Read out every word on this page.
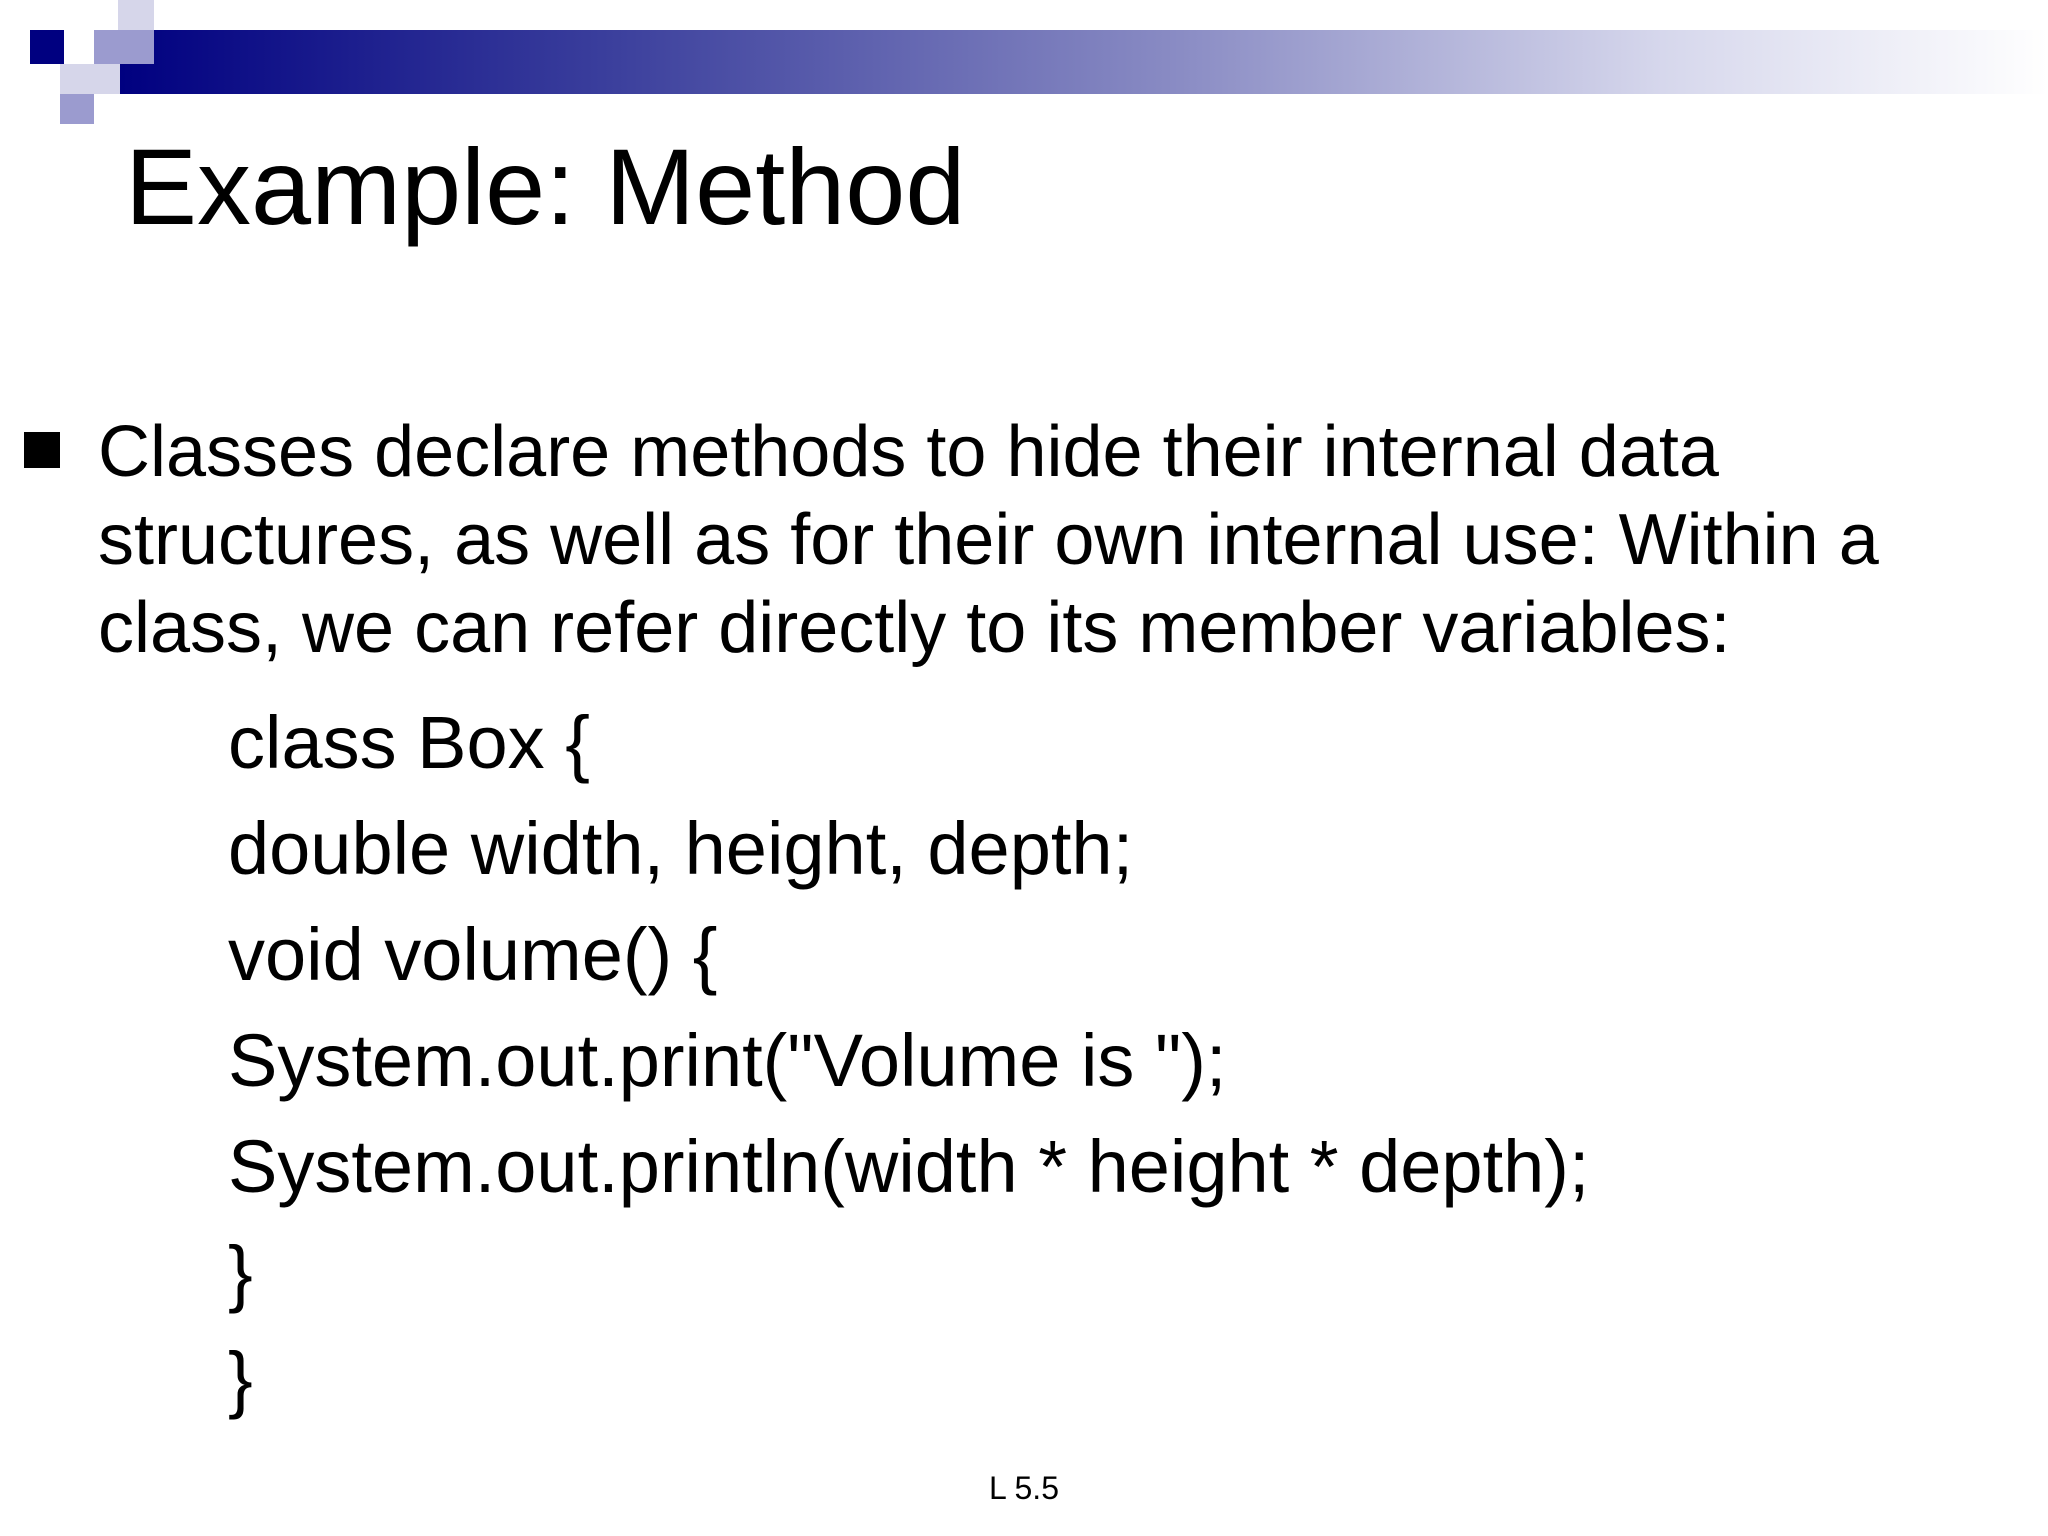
Example: Method

Classes declare methods to hide their internal data structures, as well as for their own internal use: Within a class, we can refer directly to its member variables:

class Box {
double width, height, depth;
void volume() {
System.out.print("Volume is ");
System.out.println(width * height * depth);
}
}
L 5.5
